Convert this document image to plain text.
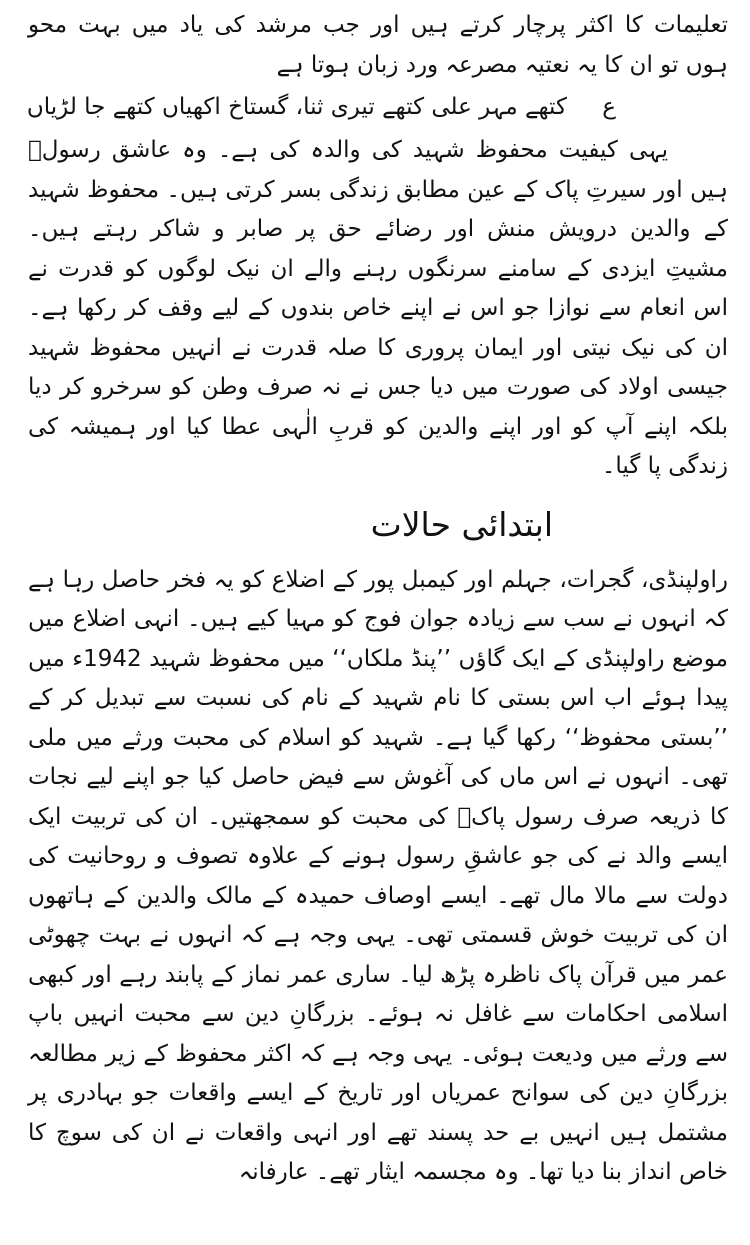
تعلیمات کا اکثر پرچار کرتے ہیں اور جب مرشد کی یاد میں بہت محو ہوں تو ان کا یہ نعتیہ مصرعہ ورد زبان ہوتا ہے

ع کتھے مہر علی کتھے تیری ثنا، گستاخ اکھیاں کتھے جا لڑیاں

یہی کیفیت محفوظ شہید کی والدہ کی ہے۔ وہ عاشق رسولؐ ہیں اور سیرتِ پاک کے عین مطابق زندگی بسر کرتی ہیں۔ محفوظ شہید کے والدین درویش منش اور رضائے حق پر صابر و شاکر رہتے ہیں۔ مشیتِ ایزدی کے سامنے سرنگوں رہنے والے ان نیک لوگوں کو قدرت نے اس انعام سے نوازا جو اس نے اپنے خاص بندوں کے لیے وقف کر رکھا ہے۔ ان کی نیک نیتی اور ایمان پروری کا صلہ قدرت نے انہیں محفوظ شہید جیسی اولاد کی صورت میں دیا جس نے نہ صرف وطن کو سرخرو کر دیا بلکہ اپنے آپ کو اور اپنے والدین کو قربِ الٰہی عطا کیا اور ہمیشہ کی زندگی پا گیا۔

ابتدائی حالات

راولپنڈی، گجرات، جہلم اور کیمبل پور کے اضلاع کو یہ فخر حاصل رہا ہے کہ انہوں نے سب سے زیادہ جوان فوج کو مہیا کیے ہیں۔ انہی اضلاع میں موضع راولپنڈی کے ایک گاؤں ’’پنڈ ملکاں‘‘ میں محفوظ شہید 1942ء میں پیدا ہوئے اب اس بستی کا نام شہید کے نام کی نسبت سے تبدیل کر کے ’’بستی محفوظ‘‘ رکھا گیا ہے۔ شہید کو اسلام کی محبت ورثے میں ملی تھی۔ انہوں نے اس ماں کی آغوش سے فیض حاصل کیا جو اپنے لیے نجات کا ذریعہ صرف رسول پاکؐ کی محبت کو سمجھتیں۔ ان کی تربیت ایک ایسے والد نے کی جو عاشقِ رسول ہونے کے علاوہ تصوف و روحانیت کی دولت سے مالا مال تھے۔ ایسے اوصاف حمیدہ کے مالک والدین کے ہاتھوں ان کی تربیت خوش قسمتی تھی۔ یہی وجہ ہے کہ انہوں نے بہت چھوٹی عمر میں قرآن پاک ناظرہ پڑھ لیا۔ ساری عمر نماز کے پابند رہے اور کبھی اسلامی احکامات سے غافل نہ ہوئے۔ بزرگانِ دین سے محبت انہیں باپ سے ورثے میں ودیعت ہوئی۔ یہی وجہ ہے کہ اکثر محفوظ کے زیر مطالعہ بزرگانِ دین کی سوانح عمریاں اور تاریخ کے ایسے واقعات جو بہادری پر مشتمل ہیں انہیں بے حد پسند تھے اور انہی واقعات نے ان کی سوچ کا خاص انداز بنا دیا تھا۔ وہ مجسمہ ایثار تھے۔ عارفانہ
